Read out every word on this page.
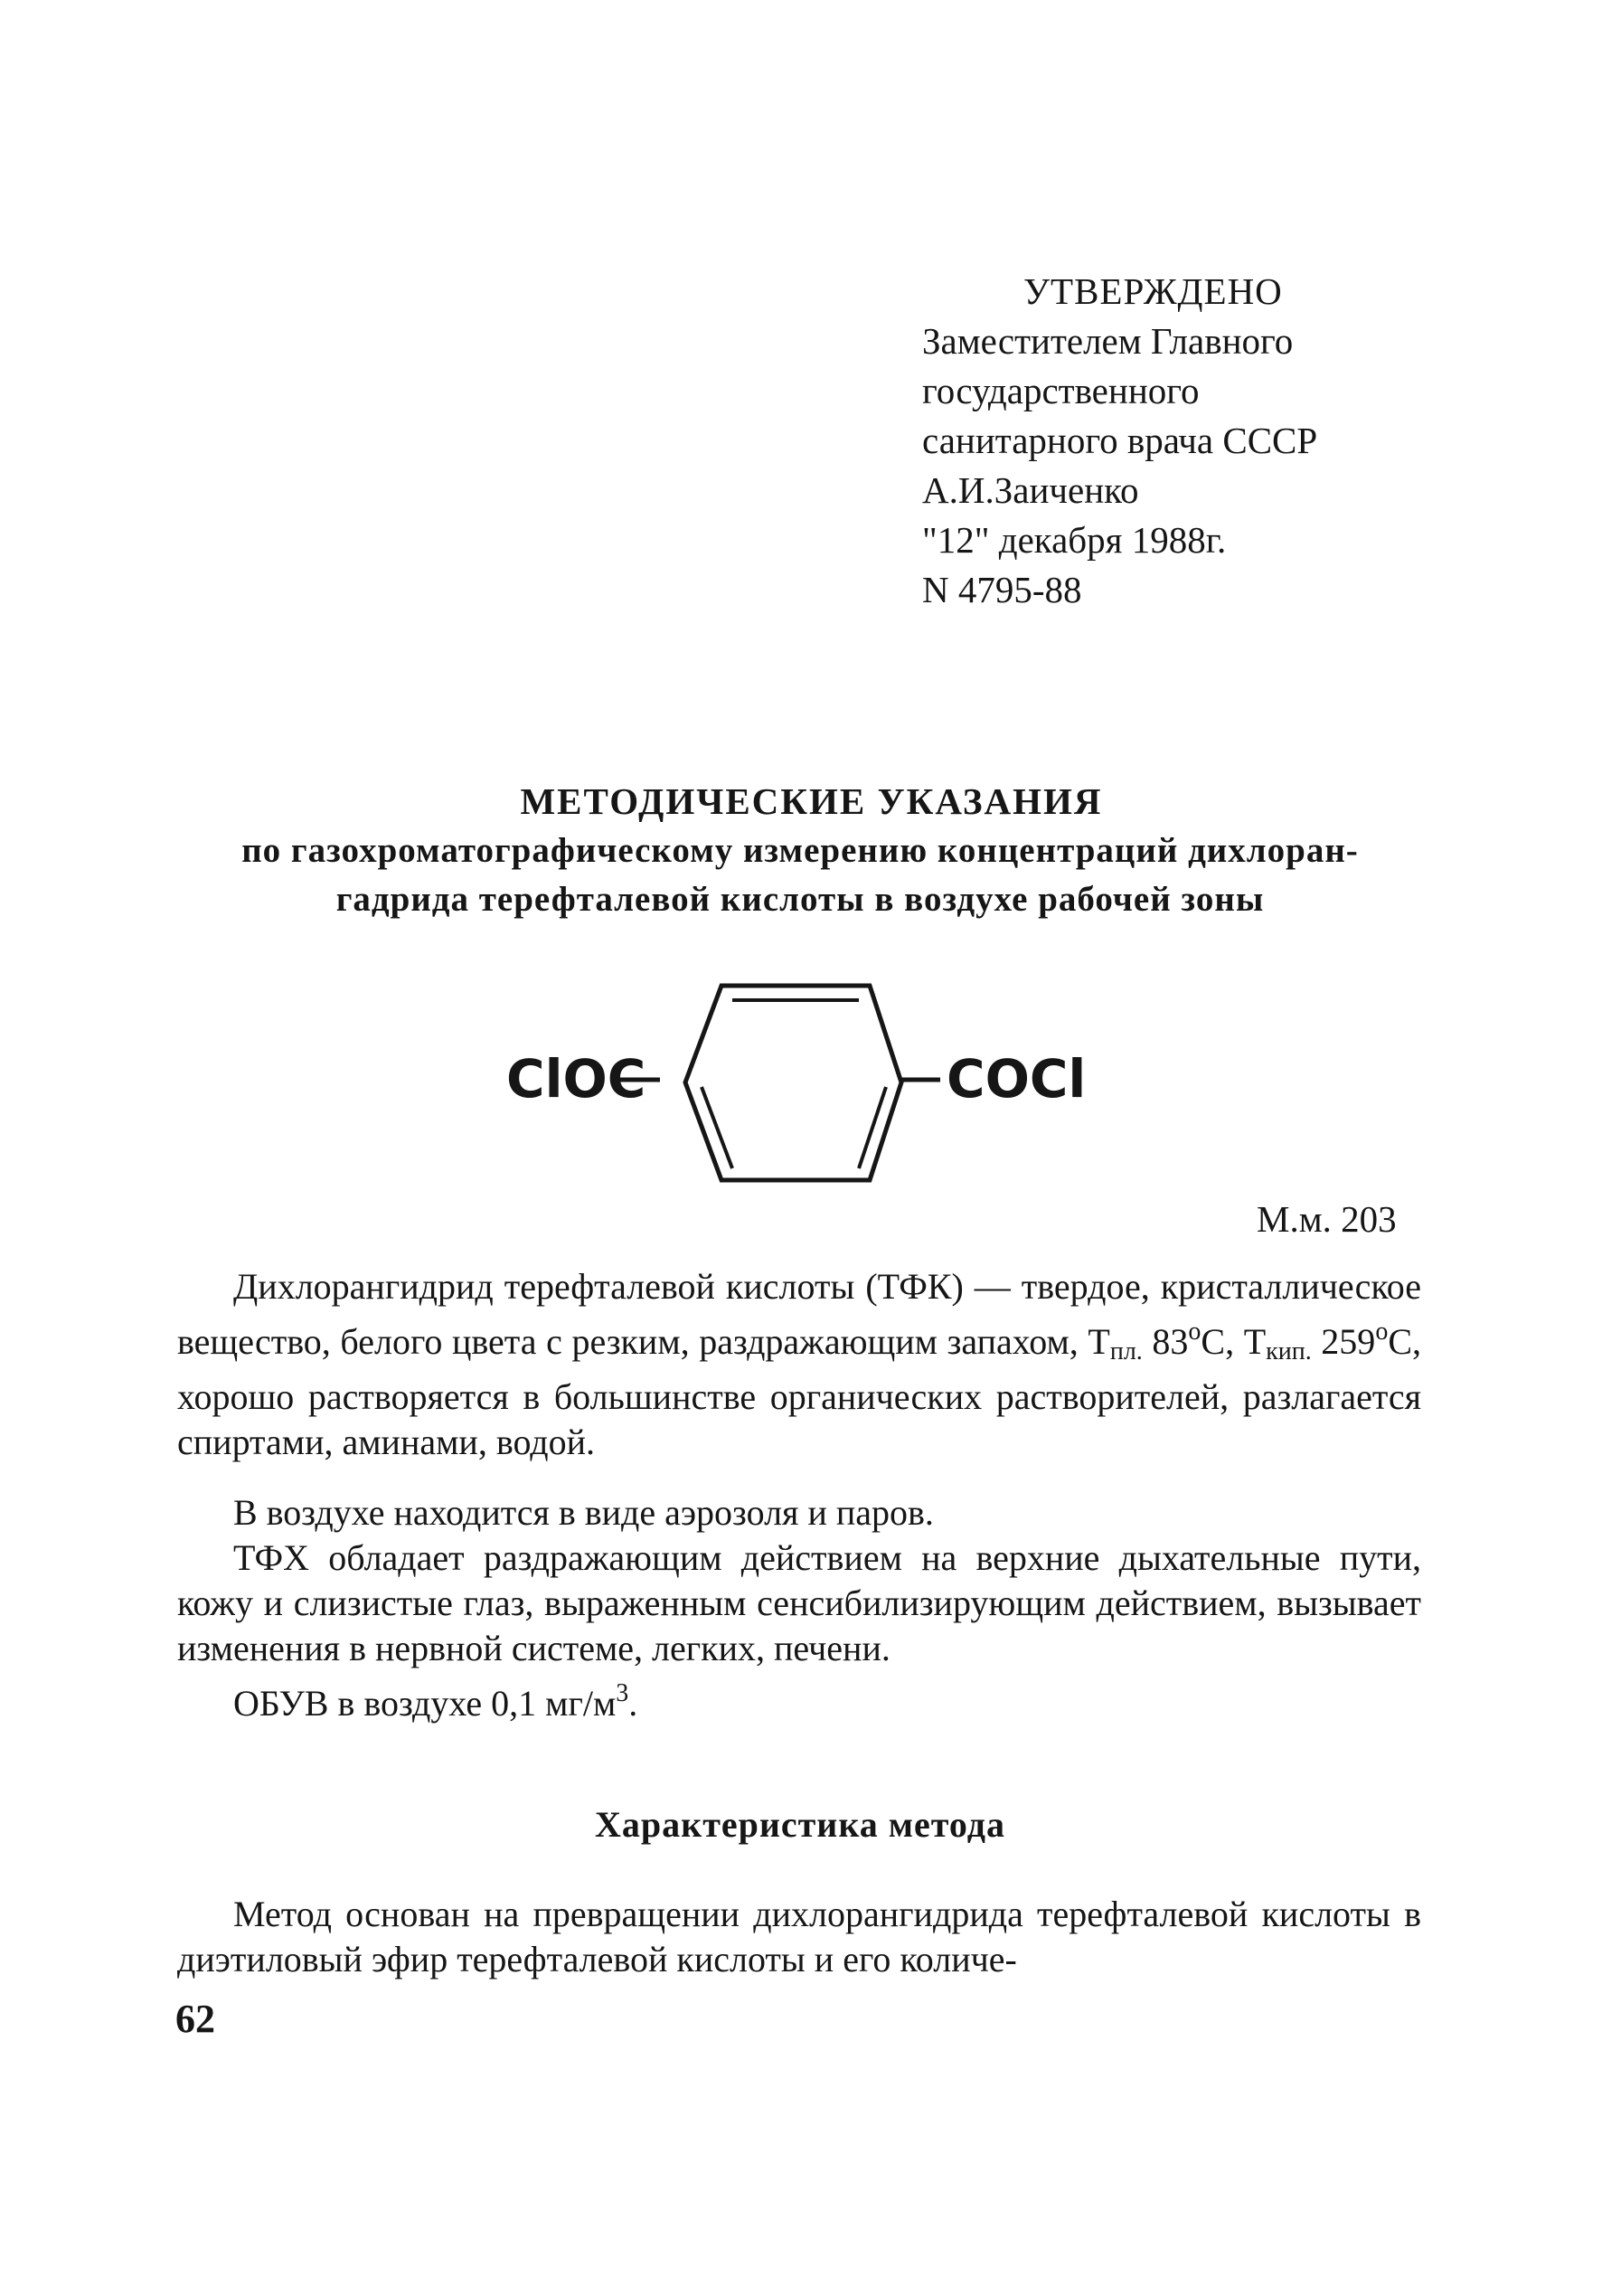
УТВЕРЖДЕНО
Заместителем Главного
государственного
санитарного врача СССР
А.И.Заиченко
"12" декабря 1988г.
N 4795-88
МЕТОДИЧЕСКИЕ УКАЗАНИЯ
по газохроматографическому измерению концентраций дихлоран-
гадрида терефталевой кислоты в воздухе рабочей зоны
ClOC	COCl
М.м. 203

Дихлорангидрид терефталевой кислоты (ТФК) — твердое, кристаллическое вещество, белого цвета с резким, раздражающим запахом, $Т_{пл.}$ $83^оС$, $Т_{кип.}$ $259^оС$, хорошо растворяется в большинстве органических растворителей, разлагается спиртами, аминами, водой.

В воздухе находится в виде аэрозоля и паров.

ТФХ обладает раздражающим действием на верхние дыхательные пути, кожу и слизистые глаз, выраженным сенсибилизирующим действием, вызывает изменения в нервной системе, легких, печени.

ОБУВ в воздухе 0,1 $мг/м^3$.

Характеристика метода

Метод основан на превращении дихлорангидрида терефталевой кислоты в диэтиловый эфир терефталевой кислоты и его количе-

62
